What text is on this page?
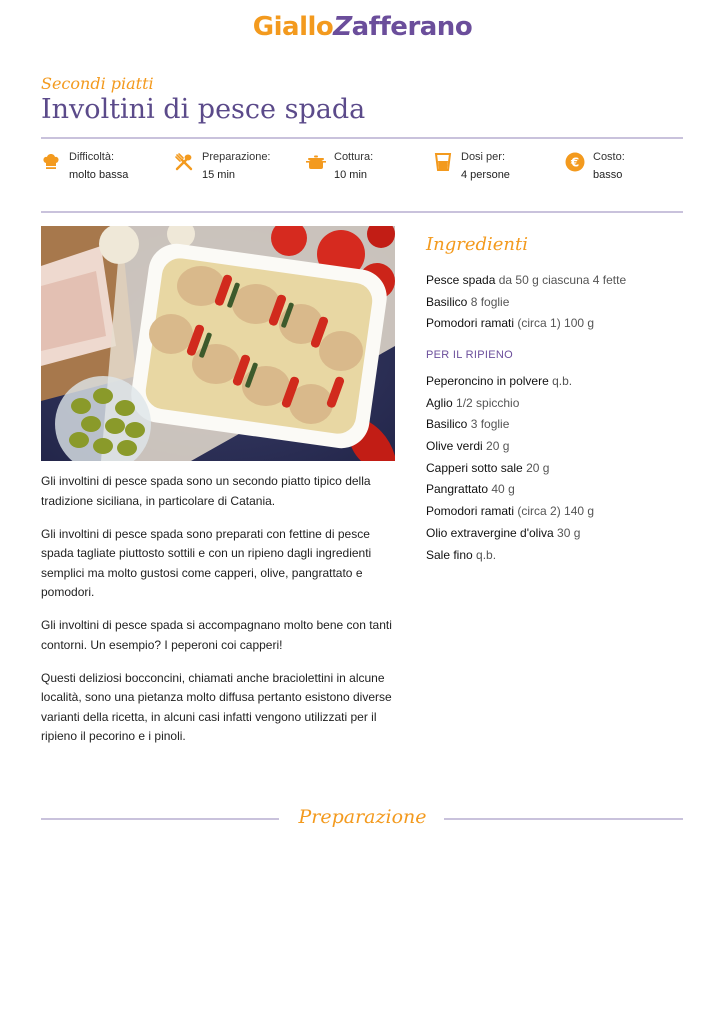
GialloZafferano
Secondi piatti
Involtini di pesce spada
Difficoltà:
molto bassa
Preparazione:
15 min
Cottura:
10 min
Dosi per:
4 persone
€ Costo:
basso

Gli involtini di pesce spada sono un secondo piatto tipico della tradizione siciliana, in particolare di Catania.

Gli involtini di pesce spada sono preparati con fettine di pesce spada tagliate piuttosto sottili e con un ripieno dagli ingredienti semplici ma molto gustosi come capperi, olive, pangrattato e pomodori.

Gli involtini di pesce spada si accompagnano molto bene con tanti contorni. Un esempio? I peperoni coi capperi!

Questi deliziosi bocconcini, chiamati anche braciolettini in alcune località, sono una pietanza molto diffusa pertanto esistono diverse varianti della ricetta, in alcuni casi infatti vengono utilizzati per il ripieno il pecorino e i pinoli.

Ingredienti
Pesce spada da 50 g ciascuna 4 fette
Basilico 8 foglie
Pomodori ramati (circa 1) 100 g
PER IL RIPIENO
Peperoncino in polvere q.b.
Aglio 1/2 spicchio
Basilico 3 foglie
Olive verdi 20 g
Capperi sotto sale 20 g
Pangrattato 40 g
Pomodori ramati (circa 2) 140 g
Olio extravergine d'oliva 30 g
Sale fino q.b.
Preparazione
